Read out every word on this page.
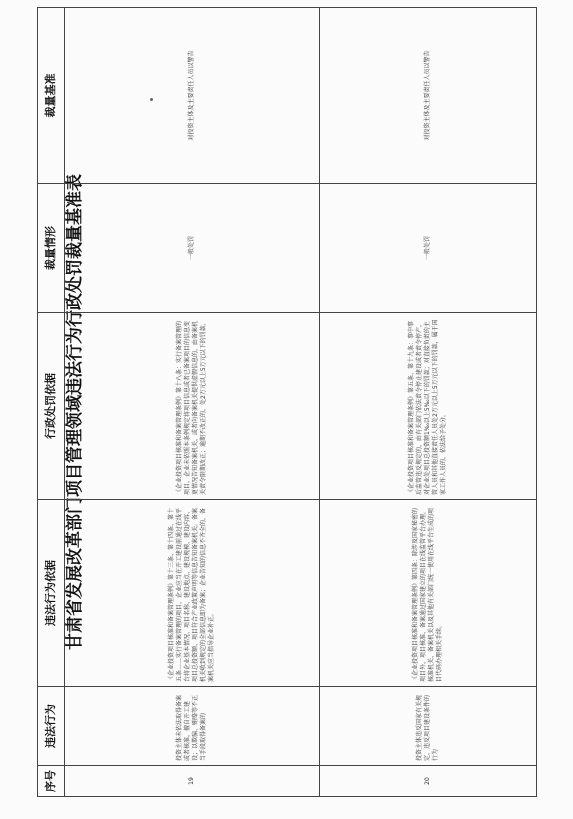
甘肃省发展改革部门项目管理领域违法行为行政处罚裁量基准表
序号	违法行为	违法行为依据	行政处罚依据	裁量情形	裁量基准
19	投资主体未依法取得备案或者核准，擅自开工建设；以欺骗、贿赂等不正当手段取得备案的	《企业投资项目核准和备案管理条例》第十三条、第十四条、第十五条……实行备案管理的项目，企业应当在开工建设前通过在线平台将企业基本情况、项目名称、建设地点、建设规模、建设内容、项目总投资额、项目符合产业政策声明等信息告知备案机关。备案机关收到规定的全部信息即为备案；企业告知的信息不齐全的，备案机关应当指导企业补正。	《企业投资项目核准和备案管理条例》第十八条：实行备案管理的项目，企业未依照本条例规定将项目信息或者已备案项目的信息变更情况告知备案机关，或者向备案机关提供虚假信息的，由备案机关责令限期改正；逾期不改正的，处2万元以上5万元以下的罚款。	一般处罚	对投资主体及主要责任人员以警告
20	投资主体违反国家有关规定，违反项目建设条件的行为	《企业投资项目核准和备案管理条例》第四条：除涉及国家秘密的项目外，项目核准、备案通过国家建立的项目在线监管平台办理。核准机关、备案机关以及其他有关部门统一使用在线平台生成的项目代码办理相关手续。	《企业投资项目核准和备案管理条例》第五条、第十九条：事中事后监管违反规定的，由有关部门依法责令停止建设或者责令停产，对企业处项目总投资额1‰以上5‰以下的罚款；对直接负责的主管人员和其他直接责任人员处2万元以上5万元以下的罚款，属于国家工作人员的，依法给予处分。	一般处罚	对投资主体及主要责任人员以警告
